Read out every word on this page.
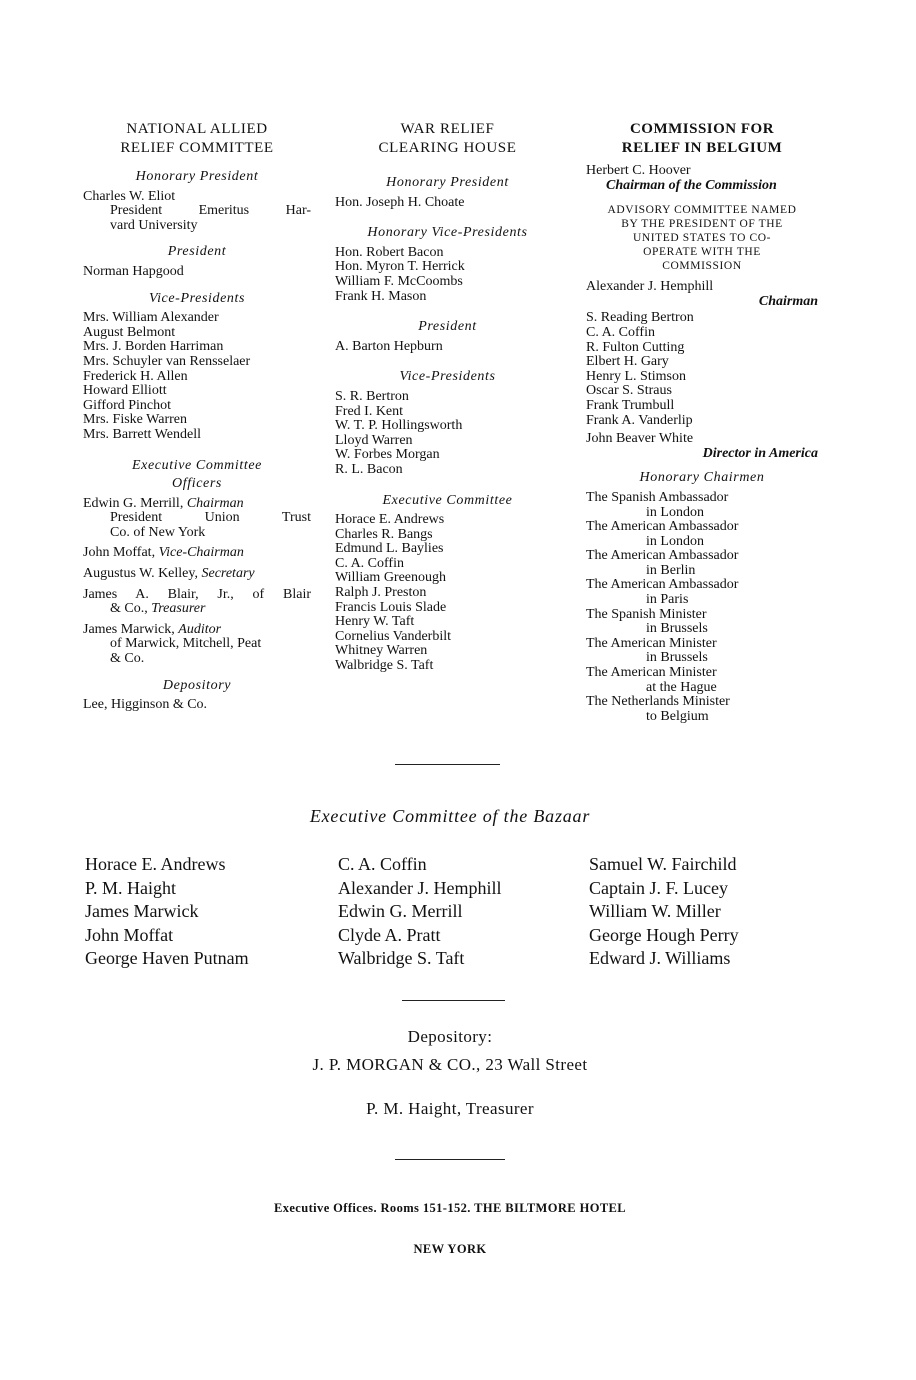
NATIONAL ALLIED
RELIEF COMMITTEE
Honorary President
Charles W. Eliot
President Emeritus Har-
vard University
President
Norman Hapgood
Vice-Presidents
Mrs. William Alexander
August Belmont
Mrs. J. Borden Harriman
Mrs. Schuyler van Rensselaer
Frederick H. Allen
Howard Elliott
Gifford Pinchot
Mrs. Fiske Warren
Mrs. Barrett Wendell
Executive Committee
Officers
Edwin G. Merrill, Chairman
President Union Trust
Co. of New York
John Moffat, Vice-Chairman
Augustus W. Kelley, Secretary
James A. Blair, Jr., of Blair
& Co., Treasurer
James Marwick, Auditor
of Marwick, Mitchell, Peat
& Co.
Depository
Lee, Higginson & Co.
WAR RELIEF
CLEARING HOUSE
Honorary President
Hon. Joseph H. Choate
Honorary Vice-Presidents
Hon. Robert Bacon
Hon. Myron T. Herrick
William F. McCoombs
Frank H. Mason
President
A. Barton Hepburn
Vice-Presidents
S. R. Bertron
Fred I. Kent
W. T. P. Hollingsworth
Lloyd Warren
W. Forbes Morgan
R. L. Bacon
Executive Committee
Horace E. Andrews
Charles R. Bangs
Edmund L. Baylies
C. A. Coffin
William Greenough
Ralph J. Preston
Francis Louis Slade
Henry W. Taft
Cornelius Vanderbilt
Whitney Warren
Walbridge S. Taft
COMMISSION FOR
RELIEF IN BELGIUM
Herbert C. Hoover
Chairman of the Commission
ADVISORY COMMITTEE NAMED
BY THE PRESIDENT OF THE
UNITED STATES TO CO-
OPERATE WITH THE
COMMISSION
Alexander J. Hemphill
Chairman
S. Reading Bertron
C. A. Coffin
R. Fulton Cutting
Elbert H. Gary
Henry L. Stimson
Oscar S. Straus
Frank Trumbull
Frank A. Vanderlip
John Beaver White
Director in America
Honorary Chairmen
The Spanish Ambassador
in London
The American Ambassador
in London
The American Ambassador
in Berlin
The American Ambassador
in Paris
The Spanish Minister
in Brussels
The American Minister
in Brussels
The American Minister
at the Hague
The Netherlands Minister
to Belgium
Executive Committee of the Bazaar
Horace E. Andrews
P. M. Haight
James Marwick
John Moffat
George Haven Putnam
C. A. Coffin
Alexander J. Hemphill
Edwin G. Merrill
Clyde A. Pratt
Walbridge S. Taft
Samuel W. Fairchild
Captain J. F. Lucey
William W. Miller
George Hough Perry
Edward J. Williams
Depository:
J. P. MORGAN & CO., 23 Wall Street
P. M. Haight, Treasurer
Executive Offices. Rooms 151-152. THE BILTMORE HOTEL
NEW YORK
